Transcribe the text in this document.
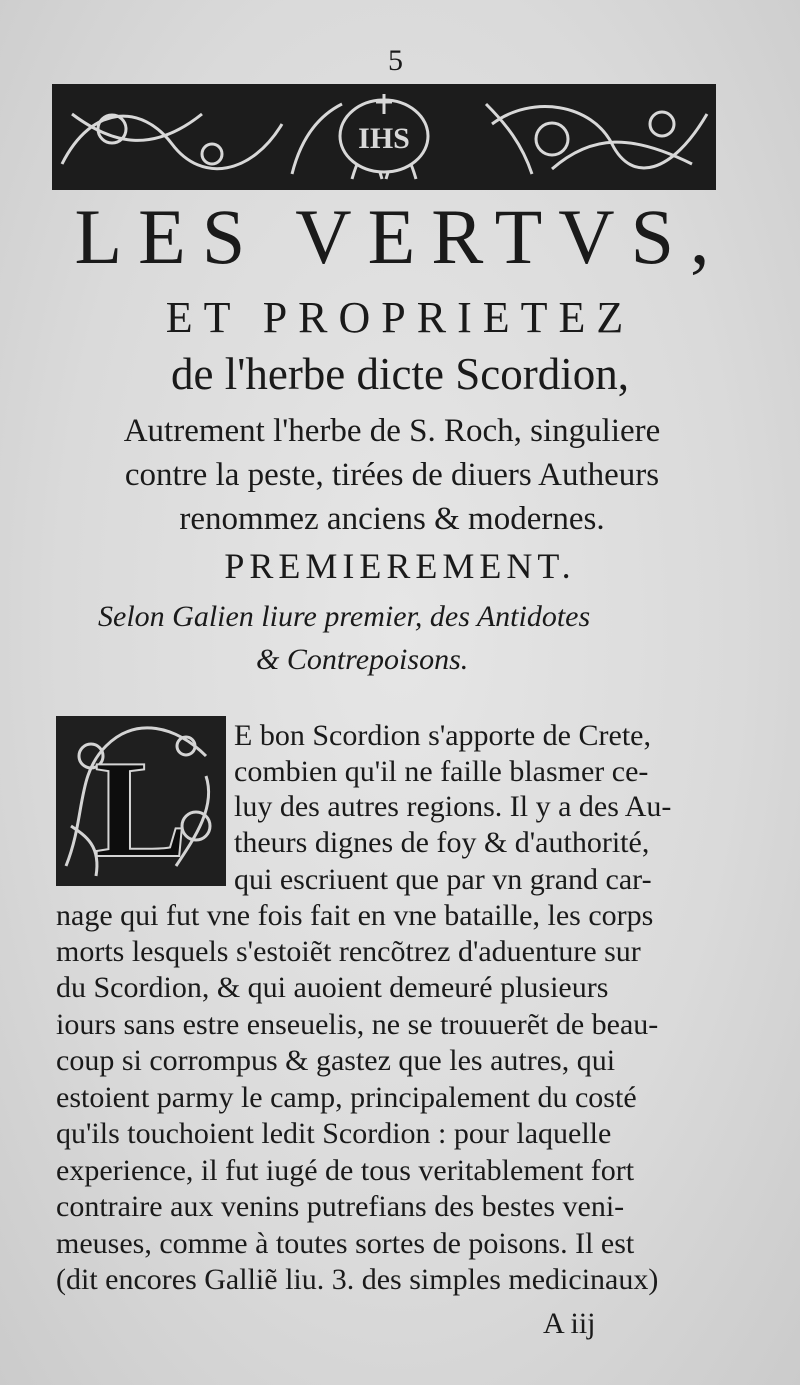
5
IHS
LES VERTVS,
ET PROPRIETEZ
de l'herbe dicte Scordion,
Autrement l'herbe de S. Roch, singuliere
contre la peste, tirées de diuers Autheurs
renommez anciens & modernes.
PREMIEREMENT.
Selon Galien liure premier, des Antidotes
& Contrepoisons.
L E bon Scordion s'apporte de Crete,
combien qu'il ne faille blasmer ce-
luy des autres regions. Il y a des Au-
theurs dignes de foy & d'authorité,
qui escriuent que par vn grand car-
nage qui fut vne fois fait en vne bataille, les corps
morts lesquels s'estoiẽt rencõtrez d'aduenture sur
du Scordion, & qui auoient demeuré plusieurs
iours sans estre enseuelis, ne se trouuerẽt de beau-
coup si corrompus & gastez que les autres, qui
estoient parmy le camp, principalement du costé
qu'ils touchoient ledit Scordion : pour laquelle
experience, il fut iugé de tous veritablement fort
contraire aux venins putrefians des bestes veni-
meuses, comme à toutes sortes de poisons. Il est
(dit encores Galliẽ liu. 3. des simples medicinaux)
A iij
